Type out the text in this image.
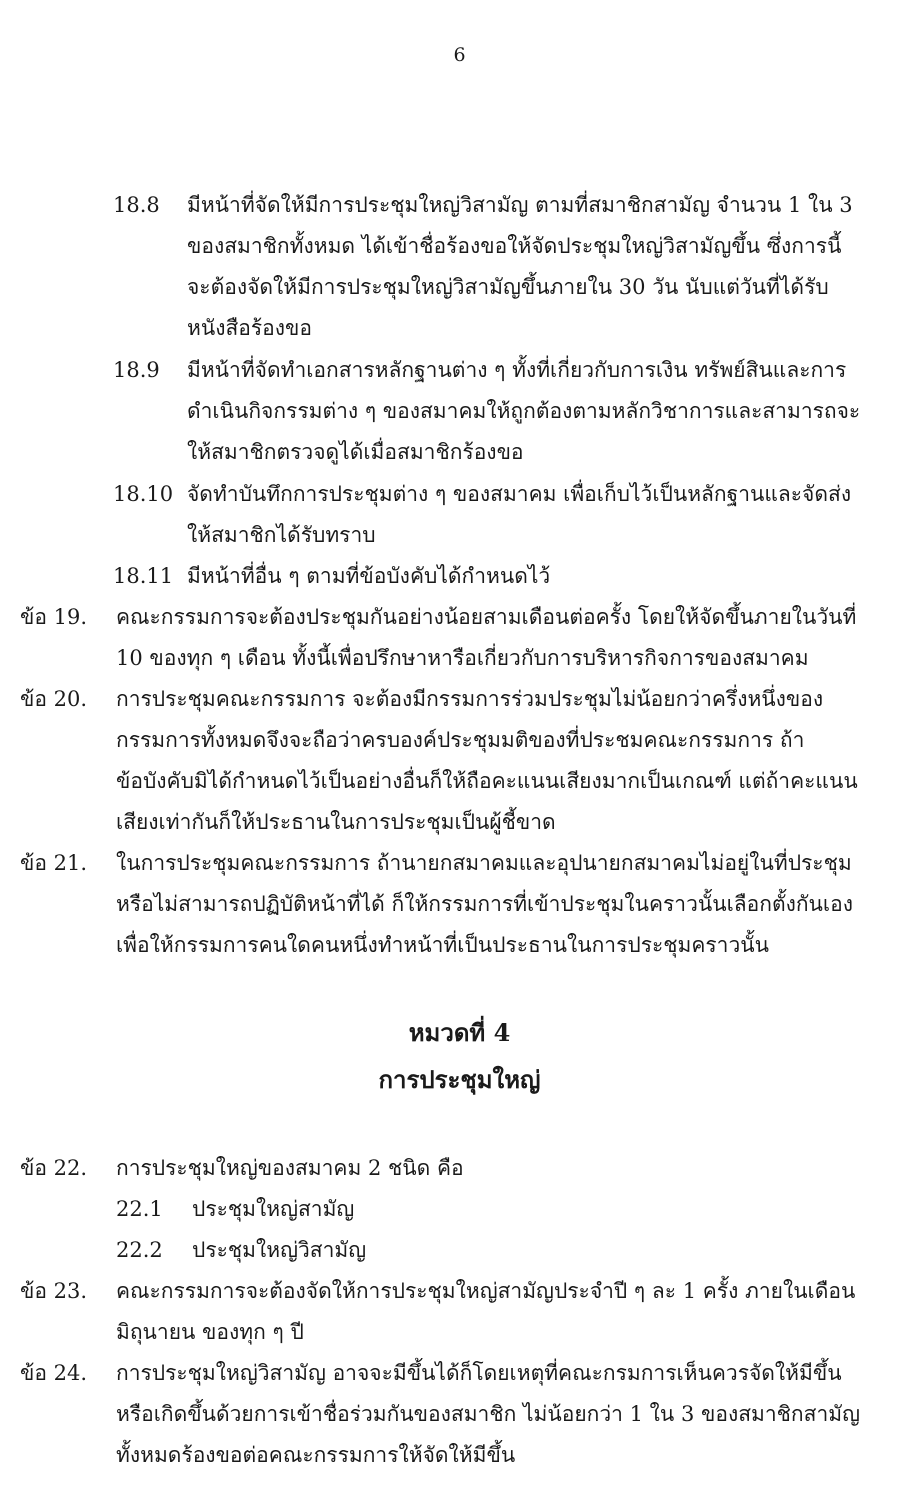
6
18.8 มีหน้าที่จัดให้มีการประชุมใหญ่วิสามัญ ตามที่สมาชิกสามัญ จำนวน 1 ใน 3
ของสมาชิกทั้งหมด ได้เข้าชื่อร้องขอให้จัดประชุมใหญ่วิสามัญขึ้น ซึ่งการนี้
จะต้องจัดให้มีการประชุมใหญ่วิสามัญขึ้นภายใน 30 วัน นับแต่วันที่ได้รับ
หนังสือร้องขอ
18.9 มีหน้าที่จัดทำเอกสารหลักฐานต่าง ๆ ทั้งที่เกี่ยวกับการเงิน ทรัพย์สินและการ
ดำเนินกิจกรรมต่าง ๆ ของสมาคมให้ถูกต้องตามหลักวิชาการและสามารถจะ
ให้สมาชิกตรวจดูได้เมื่อสมาชิกร้องขอ
18.10 จัดทำบันทึกการประชุมต่าง ๆ ของสมาคม เพื่อเก็บไว้เป็นหลักฐานและจัดส่ง
ให้สมาชิกได้รับทราบ
18.11 มีหน้าที่อื่น ๆ ตามที่ข้อบังคับได้กำหนดไว้
ข้อ 19. คณะกรรมการจะต้องประชุมกันอย่างน้อยสามเดือนต่อครั้ง โดยให้จัดขึ้นภายในวันที่
10 ของทุก ๆ เดือน ทั้งนี้เพื่อปรึกษาหารือเกี่ยวกับการบริหารกิจการของสมาคม
ข้อ 20. การประชุมคณะกรรมการ จะต้องมีกรรมการร่วมประชุมไม่น้อยกว่าครึ่งหนึ่งของ
กรรมการทั้งหมดจึงจะถือว่าครบองค์ประชุมมติของที่ประชมคณะกรรมการ ถ้า
ข้อบังคับมิได้กำหนดไว้เป็นอย่างอื่นก็ให้ถือคะแนนเสียงมากเป็นเกณฑ์ แต่ถ้าคะแนน
เสียงเท่ากันก็ให้ประธานในการประชุมเป็นผู้ชี้ขาด
ข้อ 21. ในการประชุมคณะกรรมการ ถ้านายกสมาคมและอุปนายกสมาคมไม่อยู่ในที่ประชุม
หรือไม่สามารถปฏิบัติหน้าที่ได้ ก็ให้กรรมการที่เข้าประชุมในคราวนั้นเลือกตั้งกันเอง
เพื่อให้กรรมการคนใดคนหนึ่งทำหน้าที่เป็นประธานในการประชุมคราวนั้น
หมวดที่ 4
การประชุมใหญ่
ข้อ 22. การประชุมใหญ่ของสมาคม 2 ชนิด คือ
22.1 ประชุมใหญ่สามัญ
22.2 ประชุมใหญ่วิสามัญ
ข้อ 23. คณะกรรมการจะต้องจัดให้การประชุมใหญ่สามัญประจำปี ๆ ละ 1 ครั้ง ภายในเดือน
มิถุนายน ของทุก ๆ ปี
ข้อ 24. การประชุมใหญ่วิสามัญ อาจจะมีขึ้นได้ก็โดยเหตุที่คณะกรมการเห็นควรจัดให้มีขึ้น
หรือเกิดขึ้นด้วยการเข้าชื่อร่วมกันของสมาชิก ไม่น้อยกว่า 1 ใน 3 ของสมาชิกสามัญ
ทั้งหมดร้องขอต่อคณะกรรมการให้จัดให้มีขึ้น
